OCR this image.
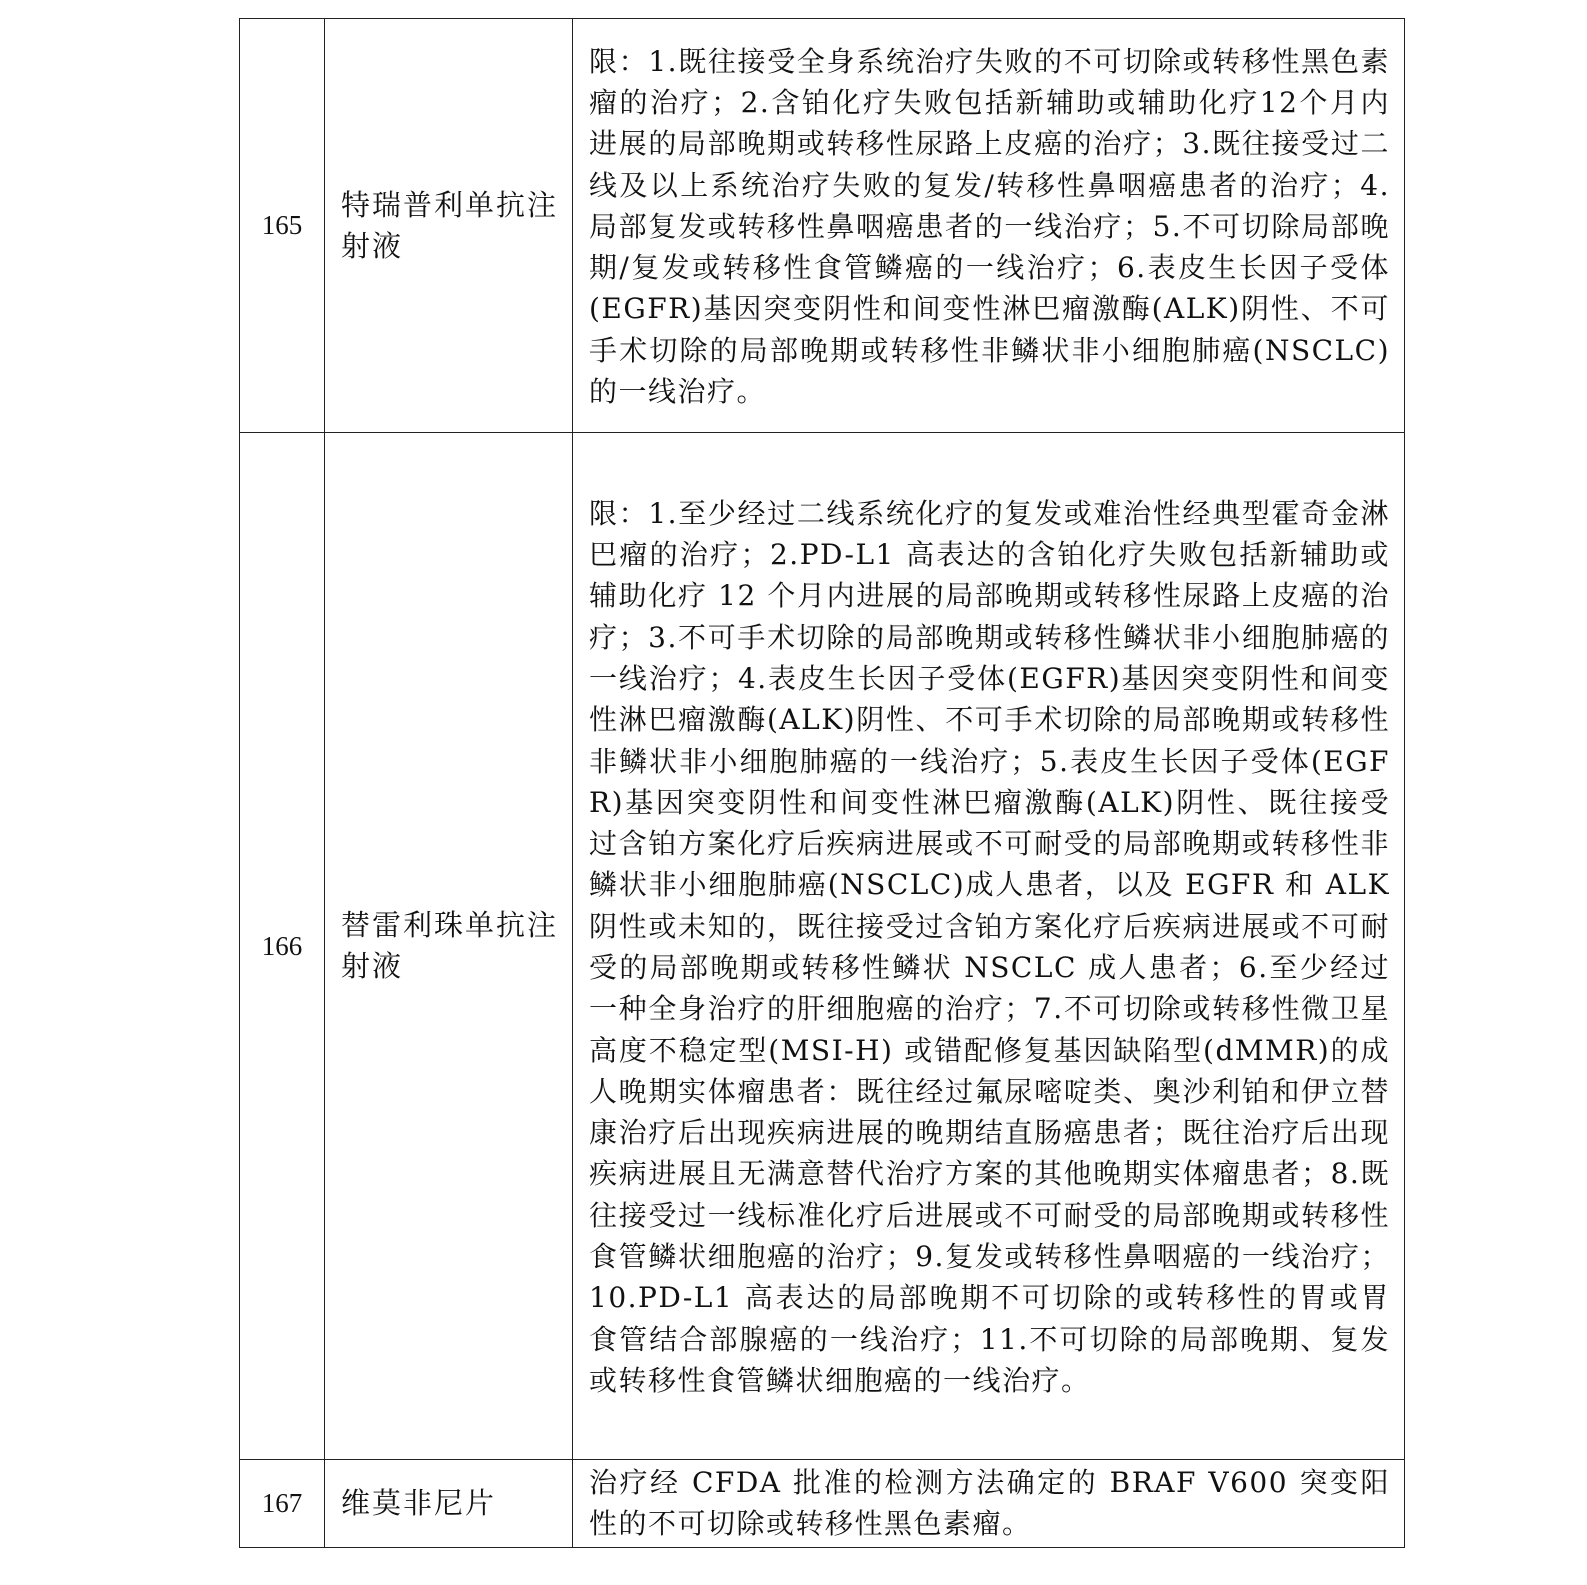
165	特瑞普利单抗注射液	限：1.既往接受全身系统治疗失败的不可切除或转移性黑色素瘤的治疗；2.含铂化疗失败包括新辅助或辅助化疗12个月内进展的局部晚期或转移性尿路上皮癌的治疗；3.既往接受过二线及以上系统治疗失败的复发/转移性鼻咽癌患者的治疗；4.局部复发或转移性鼻咽癌患者的一线治疗；5.不可切除局部晚期/复发或转移性食管鳞癌的一线治疗；6.表皮生长因子受体(EGFR)基因突变阴性和间变性淋巴瘤激酶(ALK)阴性、不可手术切除的局部晚期或转移性非鳞状非小细胞肺癌(NSCLC)的一线治疗。
166	替雷利珠单抗注射液	限：1.至少经过二线系统化疗的复发或难治性经典型霍奇金淋巴瘤的治疗；2.PD-L1 高表达的含铂化疗失败包括新辅助或辅助化疗 12 个月内进展的局部晚期或转移性尿路上皮癌的治疗；3.不可手术切除的局部晚期或转移性鳞状非小细胞肺癌的一线治疗；4.表皮生长因子受体(EGFR)基因突变阴性和间变性淋巴瘤激酶(ALK)阴性、不可手术切除的局部晚期或转移性非鳞状非小细胞肺癌的一线治疗；5.表皮生长因子受体(EGFR)基因突变阴性和间变性淋巴瘤激酶(ALK)阴性、既往接受过含铂方案化疗后疾病进展或不可耐受的局部晚期或转移性非鳞状非小细胞肺癌(NSCLC)成人患者，以及 EGFR 和 ALK 阴性或未知的，既往接受过含铂方案化疗后疾病进展或不可耐受的局部晚期或转移性鳞状 NSCLC 成人患者；6.至少经过一种全身治疗的肝细胞癌的治疗；7.不可切除或转移性微卫星高度不稳定型(MSI-H) 或错配修复基因缺陷型(dMMR)的成人晚期实体瘤患者：既往经过氟尿嘧啶类、奥沙利铂和伊立替康治疗后出现疾病进展的晚期结直肠癌患者；既往治疗后出现疾病进展且无满意替代治疗方案的其他晚期实体瘤患者；8.既往接受过一线标准化疗后进展或不可耐受的局部晚期或转移性食管鳞状细胞癌的治疗；9.复发或转移性鼻咽癌的一线治疗；10.PD-L1 高表达的局部晚期不可切除的或转移性的胃或胃食管结合部腺癌的一线治疗；11.不可切除的局部晚期、复发或转移性食管鳞状细胞癌的一线治疗。
167	维莫非尼片	治疗经 CFDA 批准的检测方法确定的 BRAF V600 突变阳性的不可切除或转移性黑色素瘤。
